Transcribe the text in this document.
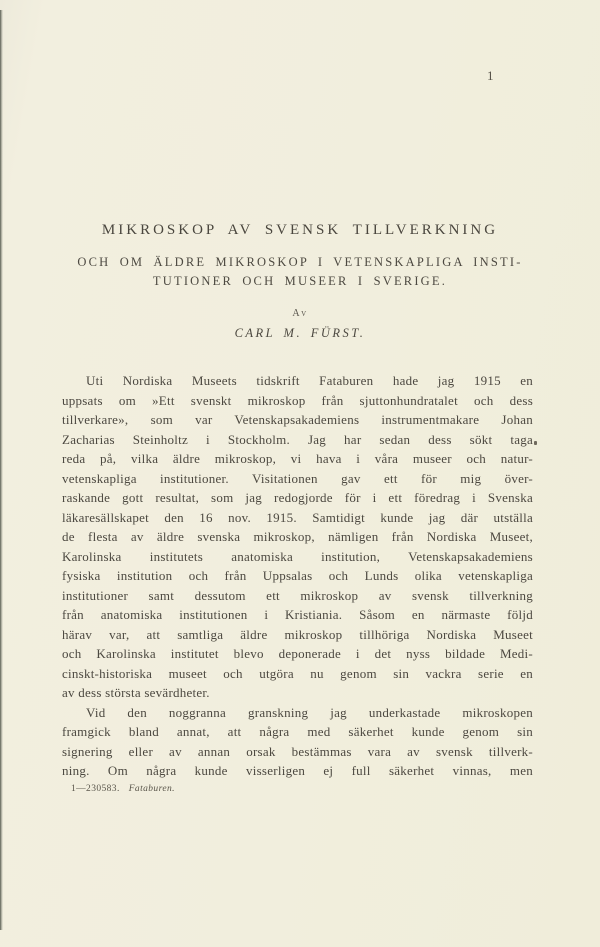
1
MIKROSKOP AV SVENSK TILLVERKNING
OCH OM ÄLDRE MIKROSKOP I VETENSKAPLIGA INSTI-
TUTIONER OCH MUSEER I SVERIGE.
Av
CARL M. FÜRST.
Uti Nordiska Museets tidskrift Fataburen hade jag 1915 en
uppsats om »Ett svenskt mikroskop från sjuttonhundratalet och dess
tillverkare», som var Vetenskapsakademiens instrumentmakare Johan
Zacharias Steinholtz i Stockholm. Jag har sedan dess sökt taga
reda på, vilka äldre mikroskop, vi hava i våra museer och natur-
vetenskapliga institutioner. Visitationen gav ett för mig över-
raskande gott resultat, som jag redogjorde för i ett föredrag i Svenska
läkaresällskapet den 16 nov. 1915. Samtidigt kunde jag där utställa
de flesta av äldre svenska mikroskop, nämligen från Nordiska Museet,
Karolinska institutets anatomiska institution, Vetenskapsakademiens
fysiska institution och från Uppsalas och Lunds olika vetenskapliga
institutioner samt dessutom ett mikroskop av svensk tillverkning
från anatomiska institutionen i Kristiania. Såsom en närmaste följd
härav var, att samtliga äldre mikroskop tillhöriga Nordiska Museet
och Karolinska institutet blevo deponerade i det nyss bildade Medi-
cinskt-historiska museet och utgöra nu genom sin vackra serie en
av dess största sevärdheter.
Vid den noggranna granskning jag underkastade mikroskopen
framgick bland annat, att några med säkerhet kunde genom sin
signering eller av annan orsak bestämmas vara av svensk tillverk-
ning. Om några kunde visserligen ej full säkerhet vinnas, men
1—230583. Fataburen.
